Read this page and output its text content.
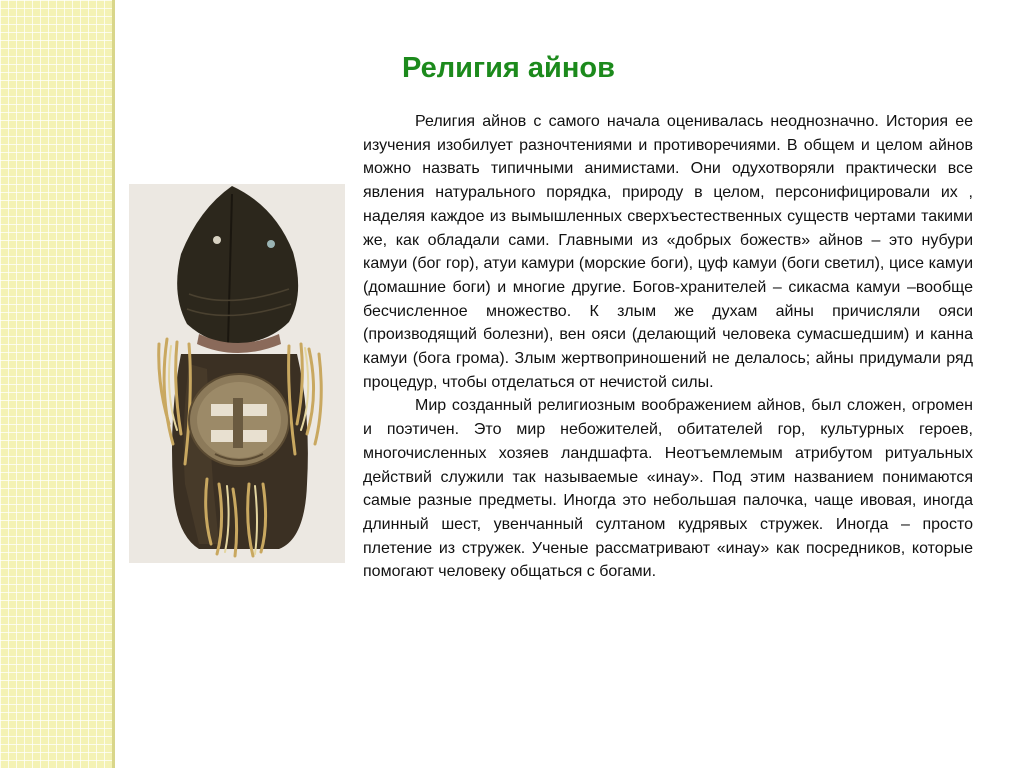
Религия айнов

Религия айнов с самого начала оценивалась неоднозначно. История ее изучения изобилует разночтениями и противоречиями. В общем и целом айнов можно назвать типичными анимистами. Они одухотворяли практически все явления натурального порядка, природу в целом, персонифицировали их , наделяя каждое из вымышленных сверхъестественных существ чертами такими же, как обладали сами. Главными из «добрых божеств» айнов – это нубури камуи (бог гор), атуи камури (морские боги), цуф камуи (боги светил), цисе камуи (домашние боги) и многие другие. Богов-хранителей – сикасма камуи –вообще бесчисленное множество. К злым же духам айны причисляли ояси (производящий болезни), вен ояси (делающий человека сумасшедшим) и канна камуи (бога грома). Злым жертвоприношений не делалось; айны придумали ряд процедур, чтобы отделаться от нечистой силы.

Мир созданный религиозным воображением айнов, был сложен, огромен и поэтичен. Это мир небожителей, обитателей гор, культурных героев, многочисленных хозяев ландшафта. Неотъемлемым атрибутом ритуальных действий служили так называемые «инау». Под этим названием понимаются самые разные предметы. Иногда это небольшая палочка, чаще ивовая, иногда длинный шест, увенчанный султаном кудрявых стружек. Иногда – просто плетение из стружек. Ученые рассматривают «инау» как посредников, которые помогают человеку общаться с богами.
